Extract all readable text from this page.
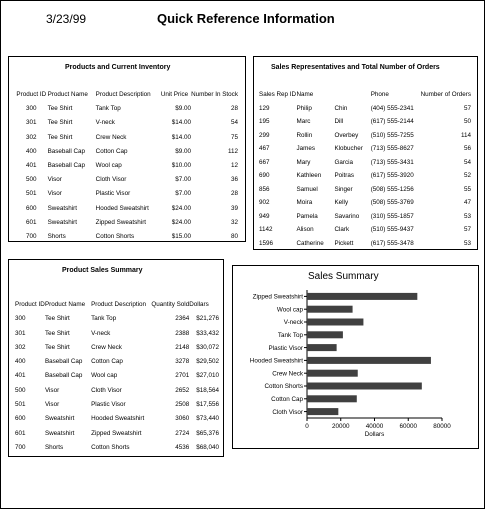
3/23/99	Quick Reference Information
Products and Current Inventory
Product ID	Product Name	Product Description	Unit Price	Number In Stock
300	Tee Shirt	Tank Top	$9.00	28
301	Tee Shirt	V-neck	$14.00	54
302	Tee Shirt	Crew Neck	$14.00	75
400	Baseball Cap	Cotton Cap	$9.00	112
401	Baseball Cap	Wool cap	$10.00	12
500	Visor	Cloth Visor	$7.00	36
501	Visor	Plastic Visor	$7.00	28
600	Sweatshirt	Hooded Sweatshirt	$24.00	39
601	Sweatshirt	Zipped Sweatshirt	$24.00	32
700	Shorts	Cotton Shorts	$15.00	80
Sales Representatives and Total Number of Orders
Sales Rep ID	Name	Phone	Number of Orders
129	Philip Chin	(404) 555-2341	57
195	Marc Dill	(617) 555-2144	50
299	Rollin Overbey	(510) 555-7255	114
467	James Klobucher	(713) 555-8627	56
667	Mary Garcia	(713) 555-3431	54
690	Kathleen Poitras	(617) 555-3920	52
856	Samuel Singer	(508) 555-1256	55
902	Moira Kelly	(508) 555-3769	47
949	Pamela Savarino	(310) 555-1857	53
1142	Alison Clark	(510) 555-9437	57
1596	Catherine Pickett	(617) 555-3478	53
Product Sales Summary
Product ID	Product Name	Product Description	Quantity Sold	Dollars
300	Tee Shirt	Tank Top	2364	$21,276
301	Tee Shirt	V-neck	2388	$33,432
302	Tee Shirt	Crew Neck	2148	$30,072
400	Baseball Cap	Cotton Cap	3278	$29,502
401	Baseball Cap	Wool cap	2701	$27,010
500	Visor	Cloth Visor	2652	$18,564
501	Visor	Plastic Visor	2508	$17,556
600	Sweatshirt	Hooded Sweatshirt	3060	$73,440
601	Sweatshirt	Zipped Sweatshirt	2724	$65,376
700	Shorts	Cotton Shorts	4536	$68,040
Sales Summary
Zipped Sweatshirt
Wool cap
V-neck
Tank Top
Plastic Visor
Hooded Sweatshirt
Crew Neck
Cotton Shorts
Cotton Cap
Cloth Visor
0	20000	40000	60000	80000
Dollars
